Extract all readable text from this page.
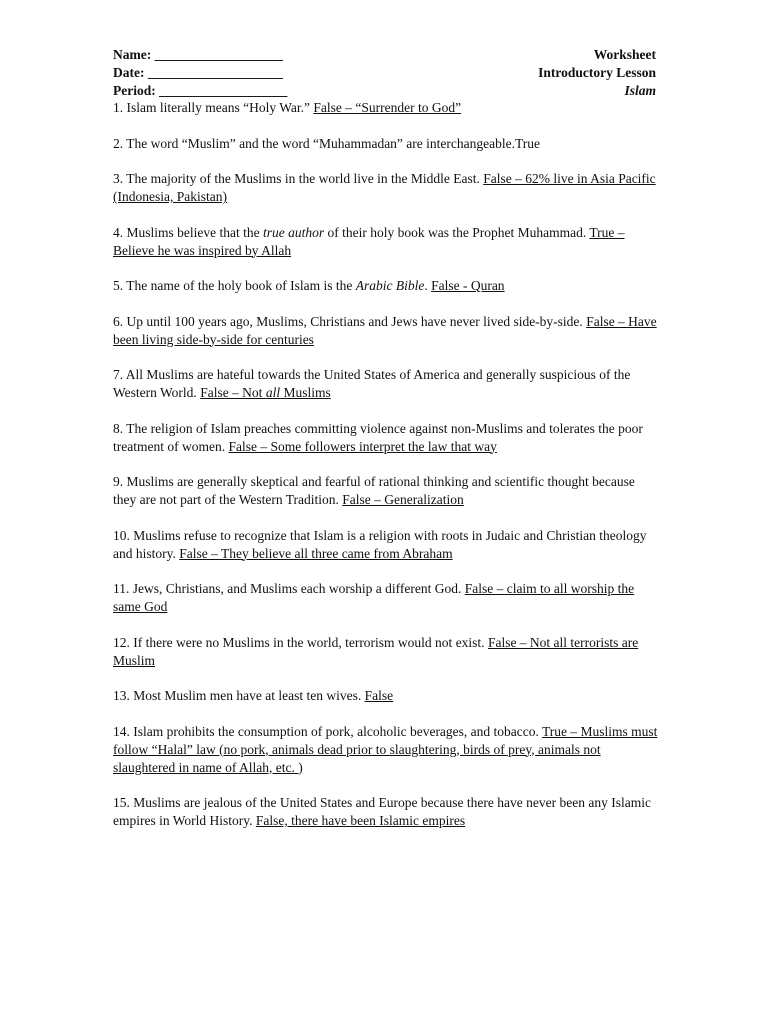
Name: ___________________	Worksheet
Date: ____________________	Introductory Lesson
Period: ___________________	Islam

1. Islam literally means “Holy War.” False – “Surrender to God”

2. The word “Muslim” and the word “Muhammadan” are interchangeable.True

3. The majority of the Muslims in the world live in the Middle East. False – 62% live in Asia Pacific (Indonesia, Pakistan)

4. Muslims believe that the true author of their holy book was the Prophet Muhammad. True – Believe he was inspired by Allah

5. The name of the holy book of Islam is the Arabic Bible. False - Quran

6. Up until 100 years ago, Muslims, Christians and Jews have never lived side-by-side. False – Have been living side-by-side for centuries

7. All Muslims are hateful towards the United States of America and generally suspicious of the Western World. False – Not all Muslims

8. The religion of Islam preaches committing violence against non-Muslims and tolerates the poor treatment of women. False – Some followers interpret the law that way

9. Muslims are generally skeptical and fearful of rational thinking and scientific thought because they are not part of the Western Tradition. False – Generalization

10. Muslims refuse to recognize that Islam is a religion with roots in Judaic and Christian theology and history. False – They believe all three came from Abraham

11. Jews, Christians, and Muslims each worship a different God. False – claim to all worship the same God

12. If there were no Muslims in the world, terrorism would not exist. False – Not all terrorists are Muslim

13. Most Muslim men have at least ten wives. False

14. Islam prohibits the consumption of pork, alcoholic beverages, and tobacco. True – Muslims must follow “Halal” law (no pork, animals dead prior to slaughtering, birds of prey, animals not slaughtered in name of Allah, etc. )

15. Muslims are jealous of the United States and Europe because there have never been any Islamic empires in World History. False, there have been Islamic empires
